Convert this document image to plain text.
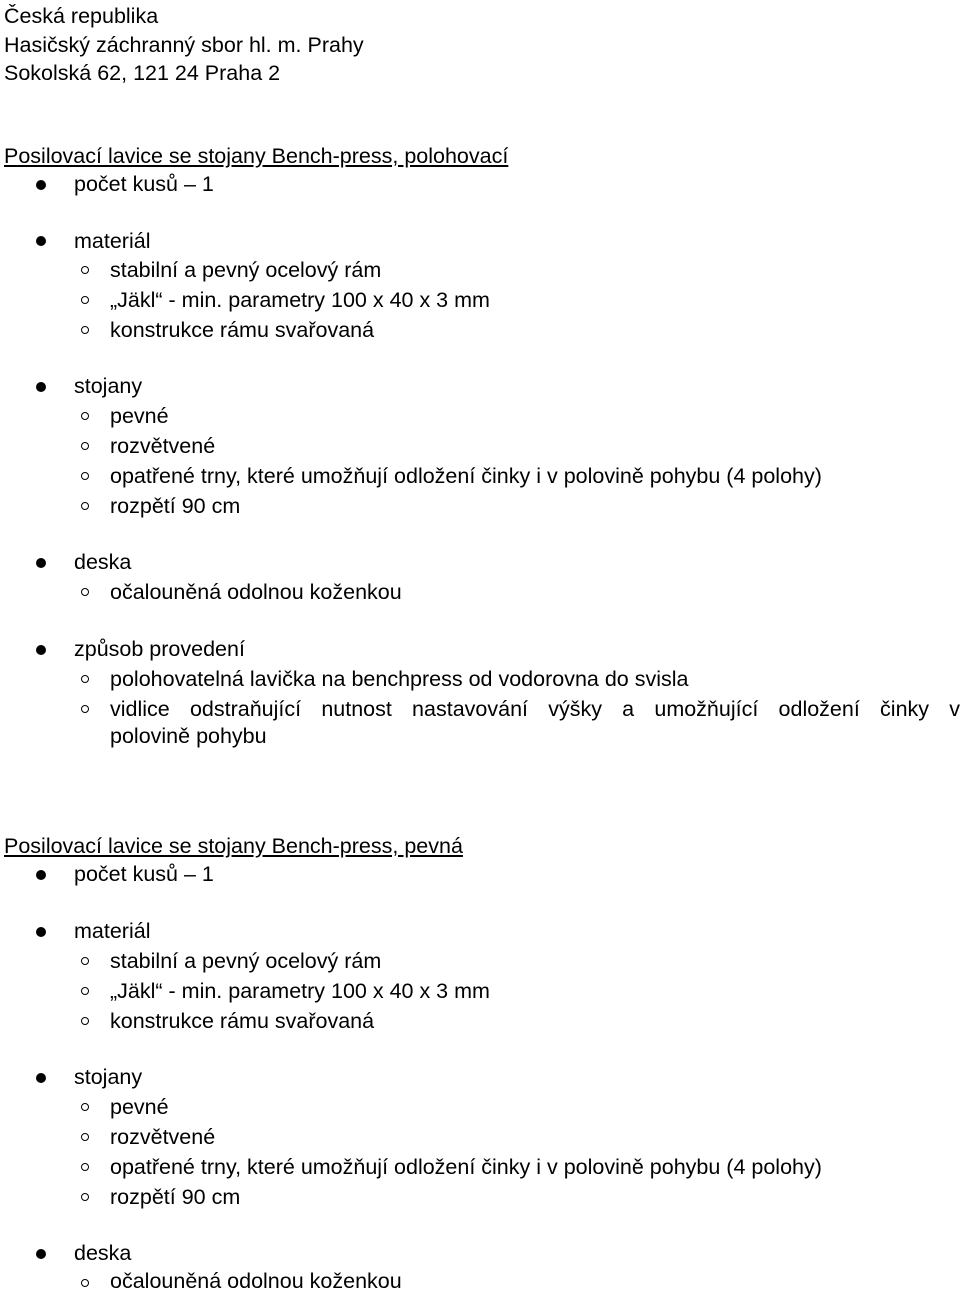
Česká republika
Hasičský záchranný sbor hl. m. Prahy
Sokolská 62, 121 24 Praha 2
Posilovací lavice se stojany Bench-press, polohovací
počet kusů – 1
materiál
stabilní a pevný ocelový rám
„Jäkl“ - min. parametry 100 x 40 x 3 mm
konstrukce rámu svařovaná
stojany
pevné
rozvětvené
opatřené trny, které umožňují odložení činky i v polovině pohybu (4 polohy)
rozpětí 90 cm
deska
očalouněná odolnou koženkou
způsob provedení
polohovatelná lavička na benchpress od vodorovna do svisla
vidlice odstraňující nutnost nastavování výšky a umožňující odložení činky v
polovině pohybu
Posilovací lavice se stojany Bench-press, pevná
počet kusů – 1
materiál
stabilní a pevný ocelový rám
„Jäkl“ - min. parametry 100 x 40 x 3 mm
konstrukce rámu svařovaná
stojany
pevné
rozvětvené
opatřené trny, které umožňují odložení činky i v polovině pohybu (4 polohy)
rozpětí 90 cm
deska
očalouněná odolnou koženkou
